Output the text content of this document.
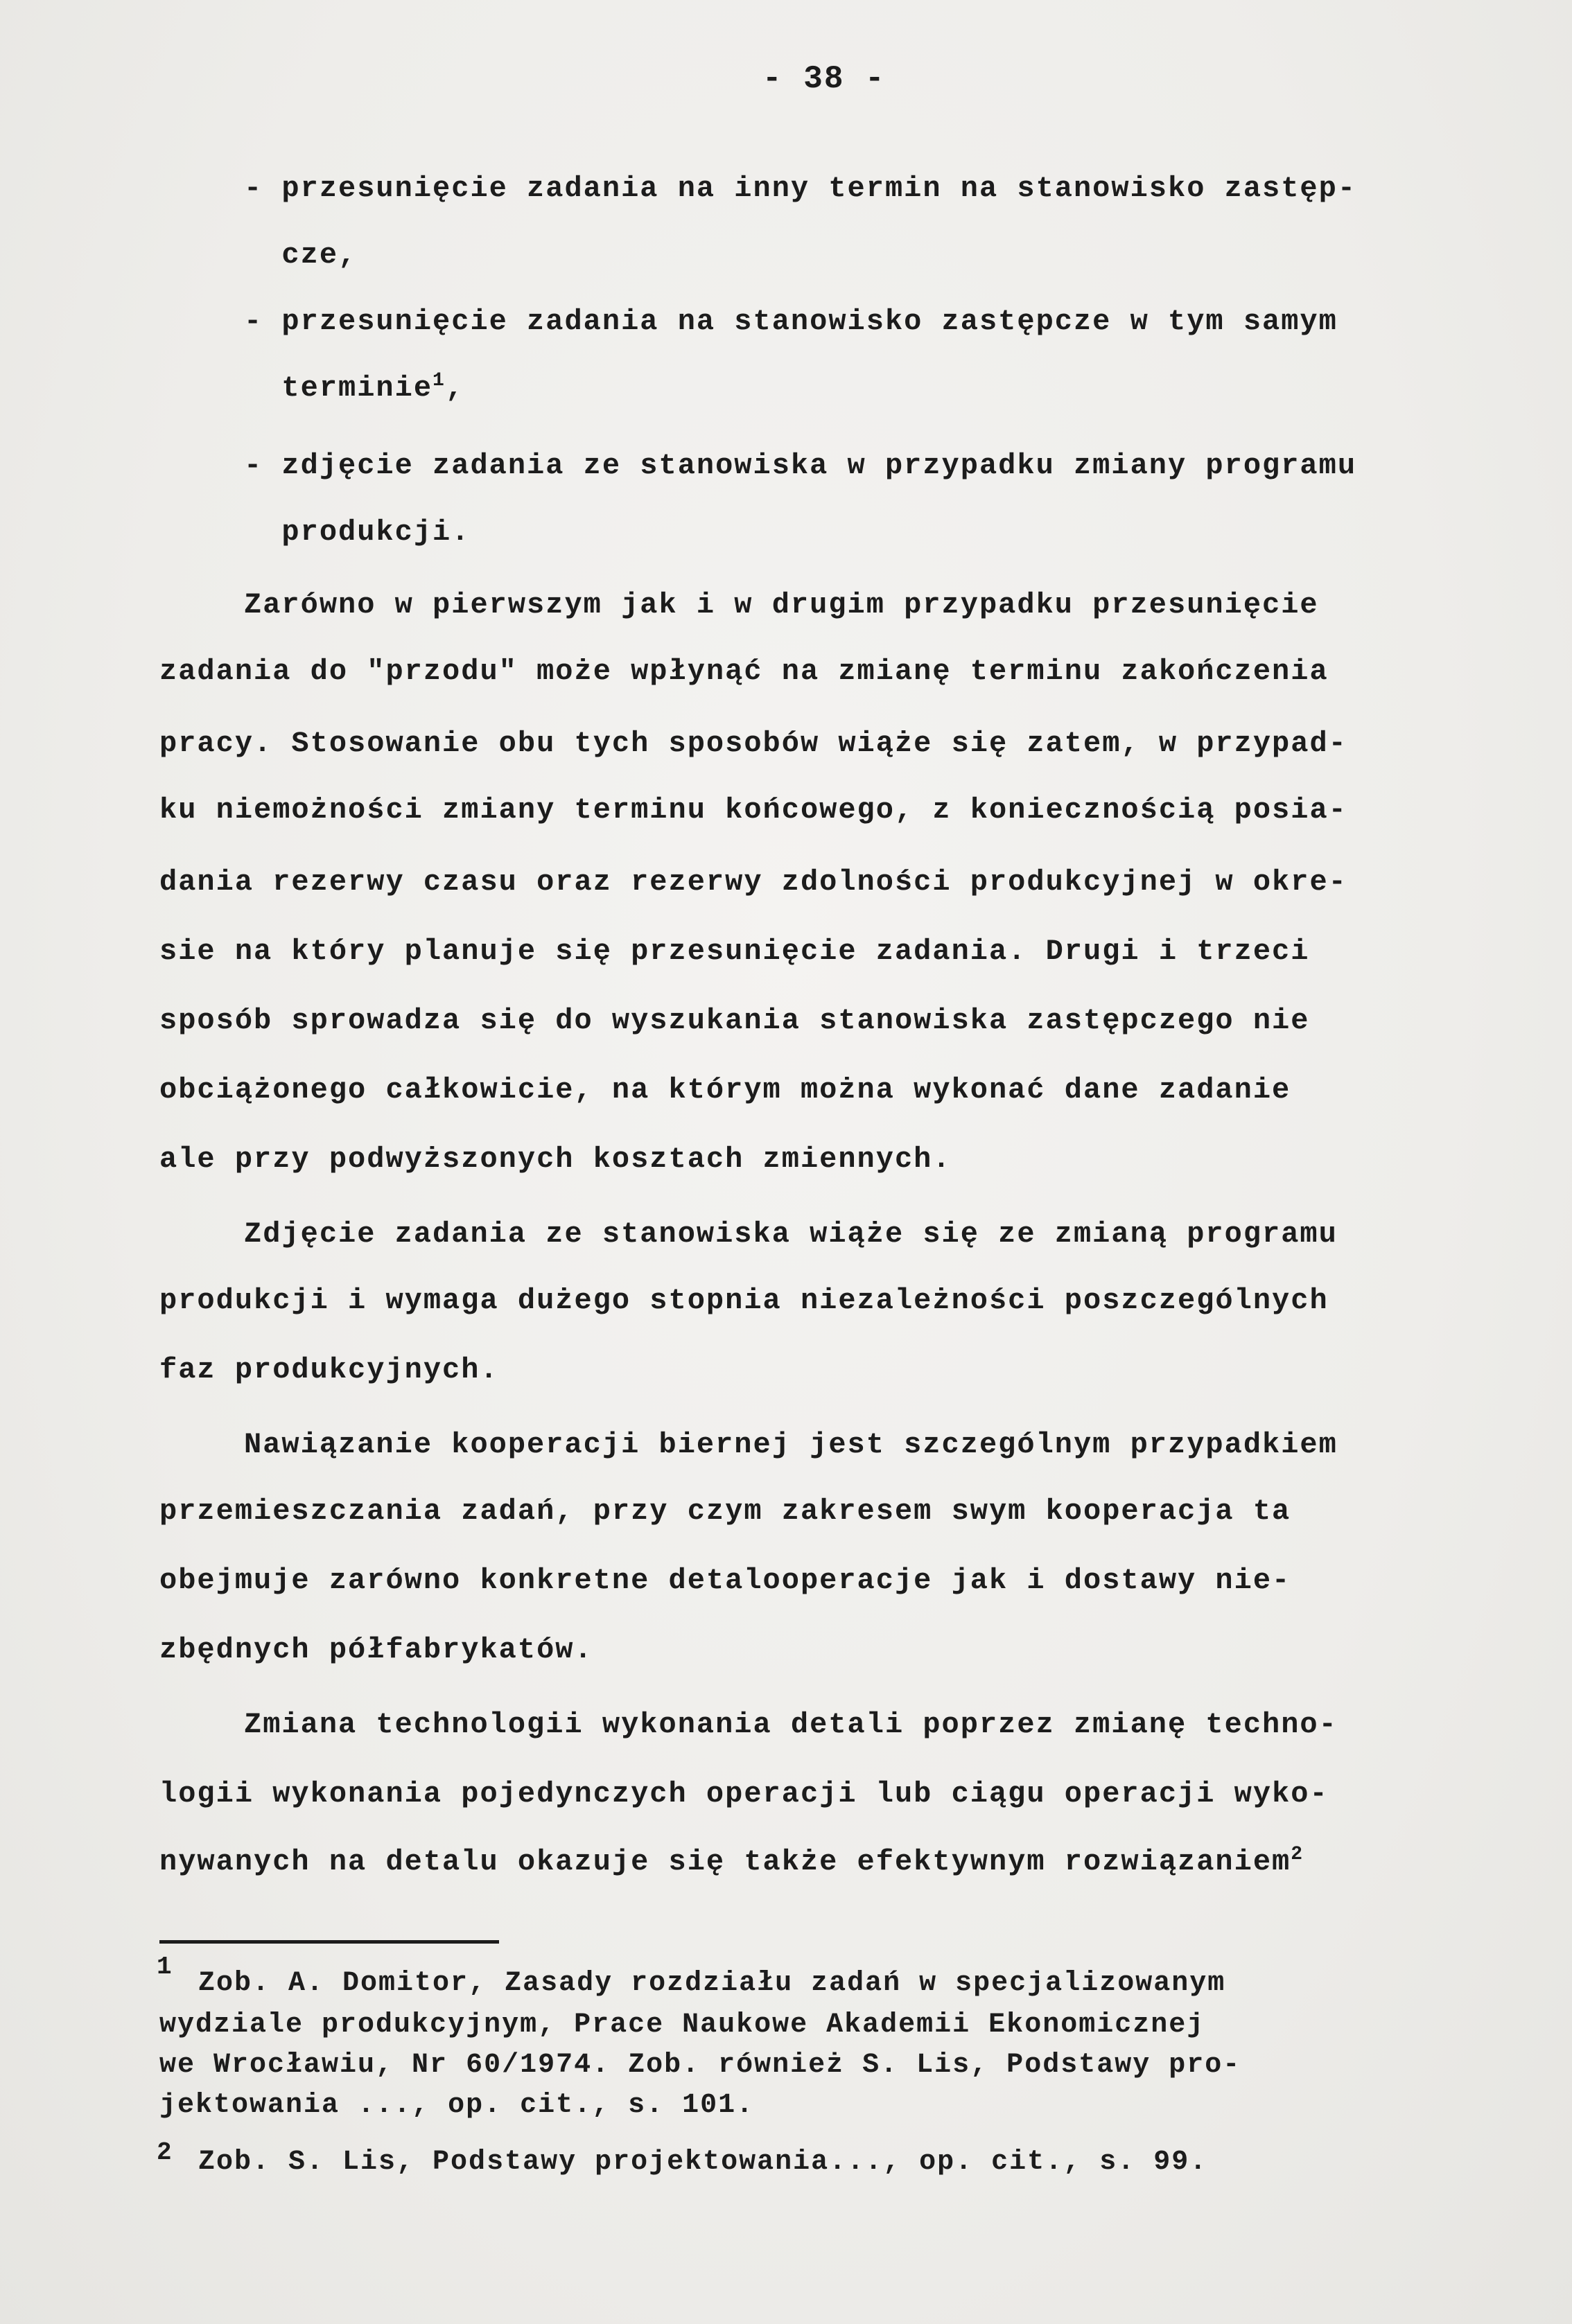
- 38 -
- przesunięcie zadania na inny termin na stanowisko zastęp-
cze,
- przesunięcie zadania na stanowisko zastępcze w tym samym
terminie$^1$,
- zdjęcie zadania ze stanowiska w przypadku zmiany programu
produkcji.
Zarówno w pierwszym jak i w drugim przypadku przesunięcie
zadania do "przodu" może wpłynąć na zmianę terminu zakończenia
pracy. Stosowanie obu tych sposobów wiąże się zatem, w przypad-
ku niemożności zmiany terminu końcowego, z koniecznością posia-
dania rezerwy czasu oraz rezerwy zdolności produkcyjnej w okre-
sie na który planuje się przesunięcie zadania. Drugi i trzeci
sposób sprowadza się do wyszukania stanowiska zastępczego nie
obciążonego całkowicie, na którym można wykonać dane zadanie
ale przy podwyższonych kosztach zmiennych.
Zdjęcie zadania ze stanowiska wiąże się ze zmianą programu
produkcji i wymaga dużego stopnia niezależności poszczególnych
faz produkcyjnych.
Nawiązanie kooperacji biernej jest szczególnym przypadkiem
przemieszczania zadań, przy czym zakresem swym kooperacja ta
obejmuje zarówno konkretne detalooperacje jak i dostawy nie-
zbędnych półfabrykatów.
Zmiana technologii wykonania detali poprzez zmianę techno-
logii wykonania pojedynczych operacji lub ciągu operacji wyko-
nywanych na detalu okazuje się także efektywnym rozwiązaniem$^2$
1
Zob. A. Domitor, Zasady rozdziału zadań w specjalizowanym
wydziale produkcyjnym, Prace Naukowe Akademii Ekonomicznej
we Wrocławiu, Nr 60/1974. Zob. również S. Lis, Podstawy pro-
jektowania ..., op. cit., s. 101.
2 Zob. S. Lis, Podstawy projektowania..., op. cit., s. 99.
